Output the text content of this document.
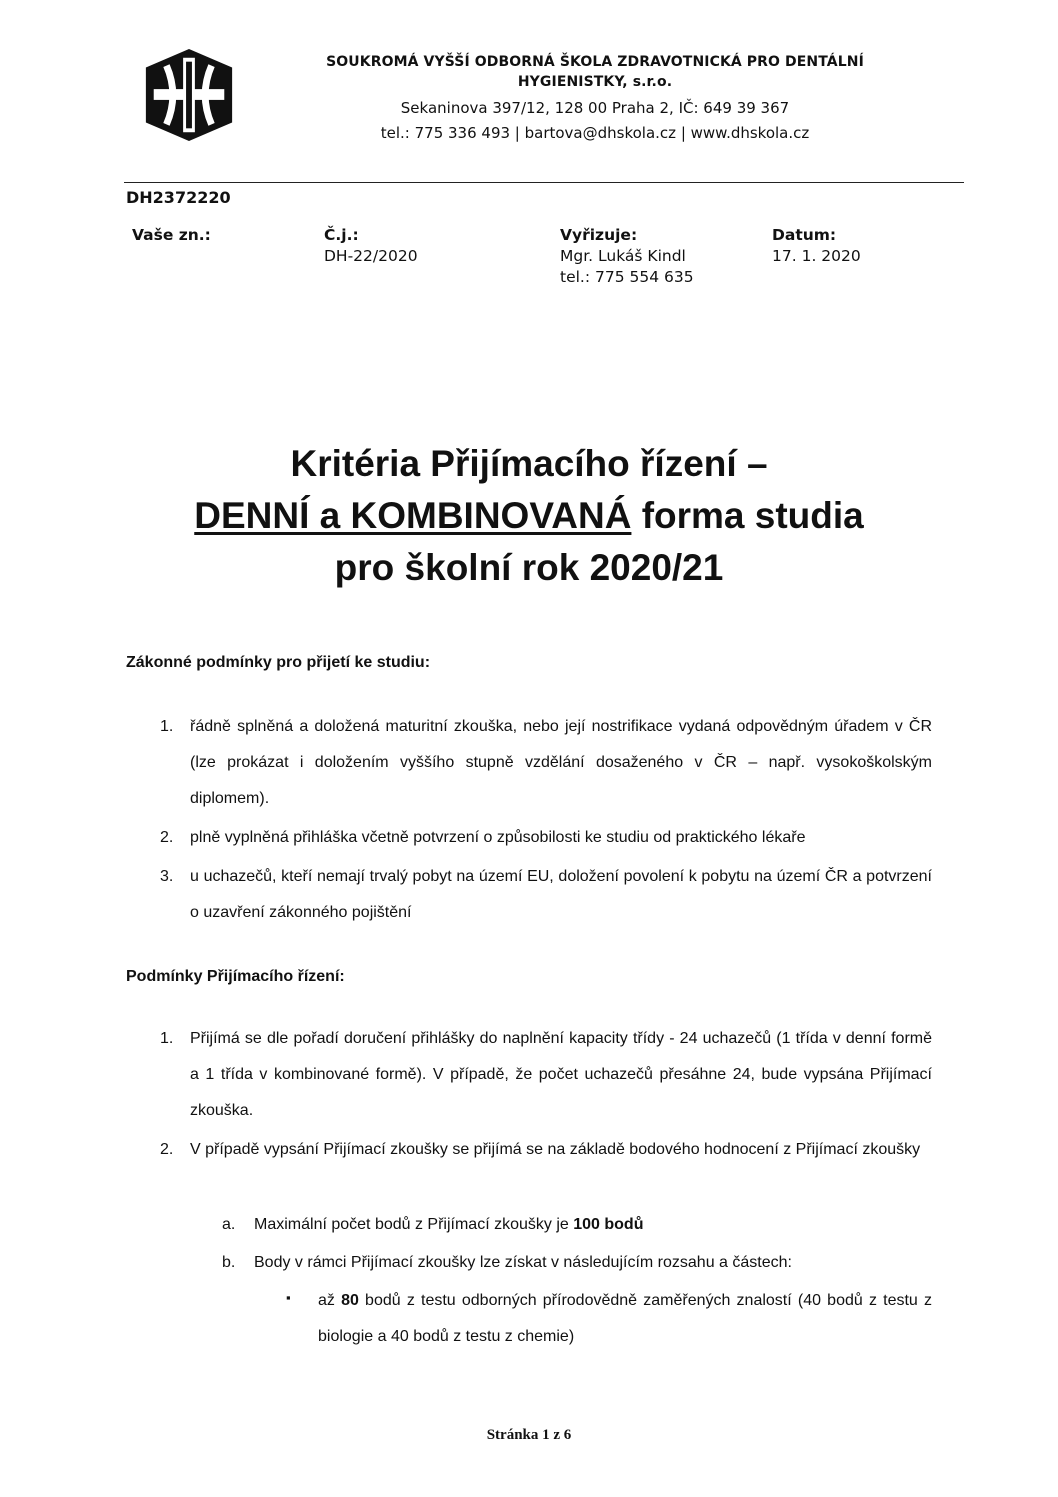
SOUKROMÁ VYŠŠÍ ODBORNÁ ŠKOLA ZDRAVOTNICKÁ PRO DENTÁLNÍ
HYGIENISTKY, s.r.o.
Sekaninova 397/12, 128 00 Praha 2, IČ: 649 39 367
tel.: 775 336 493 | bartova@dhskola.cz | www.dhskola.cz
DH2372220
Vaše zn.:	Č.j.:
DH-22/2020
Vyřizuje:
Mgr. Lukáš Kindl
tel.: 775 554 635
Datum:
17. 1. 2020
Kritéria Přijímacího řízení –
DENNÍ a KOMBINOVANÁ forma studia
pro školní rok 2020/21
Zákonné podmínky pro přijetí ke studiu:
1. řádně splněná a doložená maturitní zkouška, nebo její nostrifikace vydaná odpovědným úřadem v ČR (lze prokázat i doložením vyššího stupně vzdělání dosaženého v ČR – např. vysokoškolským diplomem).
2. plně vyplněná přihláška včetně potvrzení o způsobilosti ke studiu od praktického lékaře
3. u uchazečů, kteří nemají trvalý pobyt na území EU, doložení povolení k pobytu na území ČR a potvrzení o uzavření zákonného pojištění
Podmínky Přijímacího řízení:
1. Přijímá se dle pořadí doručení přihlášky do naplnění kapacity třídy - 24 uchazečů (1 třída v denní formě a 1 třída v kombinované formě). V případě, že počet uchazečů přesáhne 24, bude vypsána Přijímací zkouška.
2. V případě vypsání Přijímací zkoušky se přijímá se na základě bodového hodnocení z Přijímací zkoušky
a. Maximální počet bodů z Přijímací zkoušky je 100 bodů
b. Body v rámci Přijímací zkoušky lze získat v následujícím rozsahu a částech:
▪ až 80 bodů z testu odborných přírodovědně zaměřených znalostí (40 bodů z testu z biologie a 40 bodů z testu z chemie)
Stránka 1 z 6
